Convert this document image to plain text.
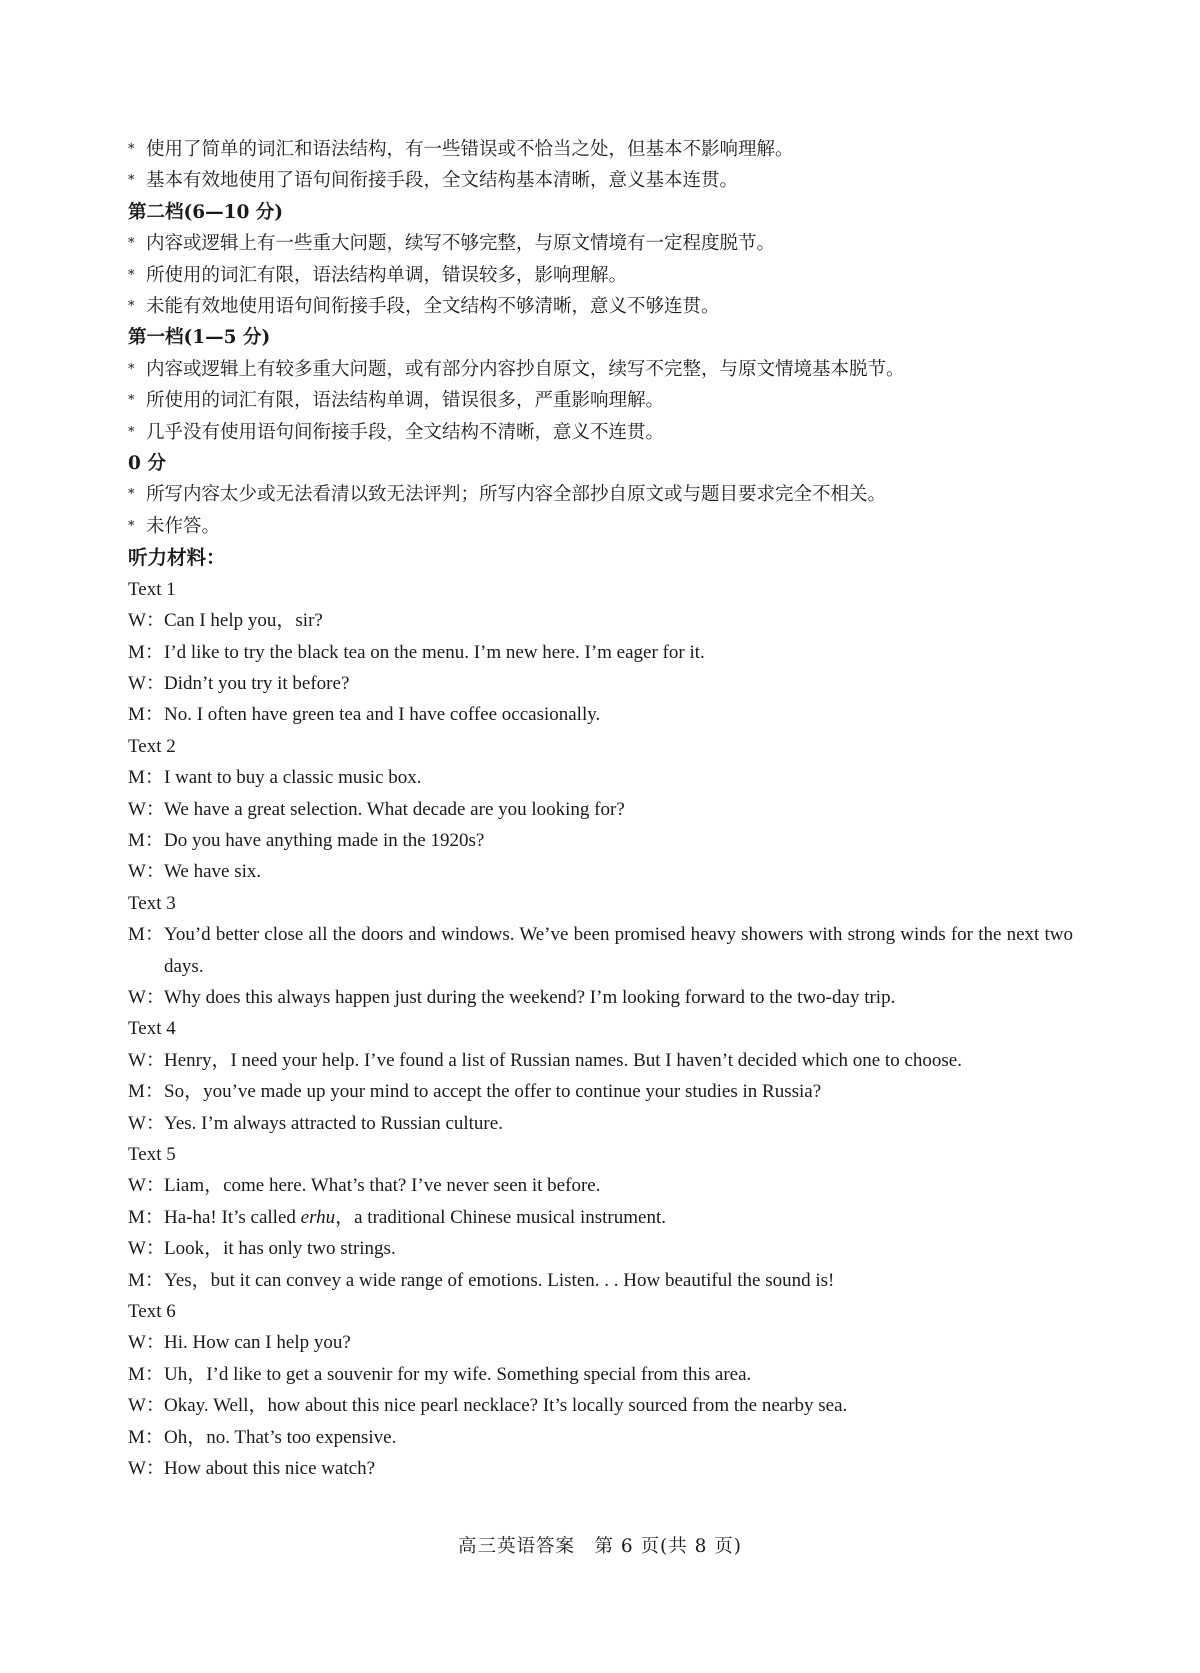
* 使用了简单的词汇和语法结构，有一些错误或不恰当之处，但基本不影响理解。
* 基本有效地使用了语句间衔接手段，全文结构基本清晰，意义基本连贯。
第二档(6—10 分)
* 内容或逻辑上有一些重大问题，续写不够完整，与原文情境有一定程度脱节。
* 所使用的词汇有限，语法结构单调，错误较多，影响理解。
* 未能有效地使用语句间衔接手段，全文结构不够清晰，意义不够连贯。
第一档(1—5 分)
* 内容或逻辑上有较多重大问题，或有部分内容抄自原文，续写不完整，与原文情境基本脱节。
* 所使用的词汇有限，语法结构单调，错误很多，严重影响理解。
* 几乎没有使用语句间衔接手段，全文结构不清晰，意义不连贯。
0 分
* 所写内容太少或无法看清以致无法评判；所写内容全部抄自原文或与题目要求完全不相关。
* 未作答。
听力材料：
Text 1
W： Can I help you，sir?
M： I’d like to try the black tea on the menu. I’m new here. I’m eager for it.
W： Didn’t you try it before?
M： No. I often have green tea and I have coffee occasionally.
Text 2
M： I want to buy a classic music box.
W： We have a great selection. What decade are you looking for?
M： Do you have anything made in the 1920s?
W： We have six.
Text 3
M： You’d better close all the doors and windows. We’ve been promised heavy showers with strong winds for the next two days.
W： Why does this always happen just during the weekend? I’m looking forward to the two-day trip.
Text 4
W： Henry，I need your help. I’ve found a list of Russian names. But I haven’t decided which one to choose.
M： So，you’ve made up your mind to accept the offer to continue your studies in Russia?
W： Yes. I’m always attracted to Russian culture.
Text 5
W： Liam，come here. What’s that? I’ve never seen it before.
M： Ha-ha! It’s called erhu，a traditional Chinese musical instrument.
W： Look，it has only two strings.
M： Yes，but it can convey a wide range of emotions. Listen. . . How beautiful the sound is!
Text 6
W： Hi. How can I help you?
M： Uh，I’d like to get a souvenir for my wife. Something special from this area.
W： Okay. Well，how about this nice pearl necklace? It’s locally sourced from the nearby sea.
M： Oh，no. That’s too expensive.
W： How about this nice watch?
高三英语答案　第 6 页(共 8 页)
